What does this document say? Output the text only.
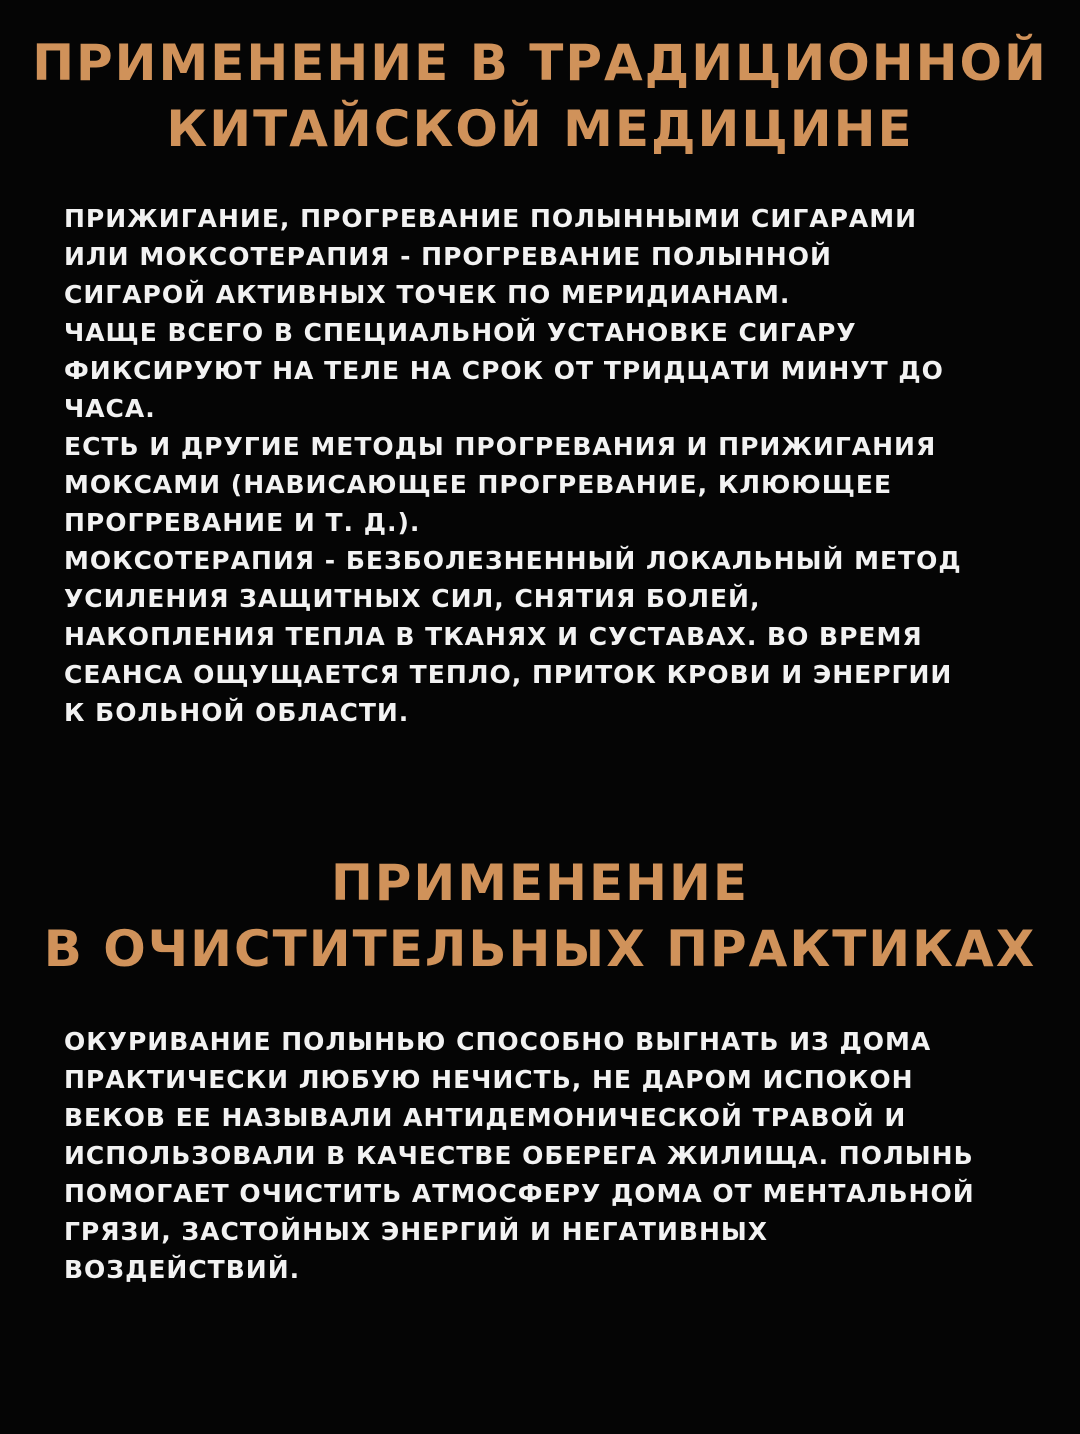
ПРИМЕНЕНИЕ В ТРАДИЦИОННОЙ
КИТАЙСКОЙ МЕДИЦИНЕ
ПРИЖИГАНИЕ, ПРОГРЕВАНИЕ ПОЛЫННЫМИ СИГАРАМИ
ИЛИ МОКСОТЕРАПИЯ - ПРОГРЕВАНИЕ ПОЛЫННОЙ
СИГАРОЙ АКТИВНЫХ ТОЧЕК ПО МЕРИДИАНАМ.
ЧАЩЕ ВСЕГО В СПЕЦИАЛЬНОЙ УСТАНОВКЕ СИГАРУ
ФИКСИРУЮТ НА ТЕЛЕ НА СРОК ОТ ТРИДЦАТИ МИНУТ ДО
ЧАСА.
ЕСТЬ И ДРУГИЕ МЕТОДЫ ПРОГРЕВАНИЯ И ПРИЖИГАНИЯ
МОКСАМИ (НАВИСАЮЩЕЕ ПРОГРЕВАНИЕ, КЛЮЮЩЕЕ
ПРОГРЕВАНИЕ И Т. Д.).
МОКСОТЕРАПИЯ - БЕЗБОЛЕЗНЕННЫЙ ЛОКАЛЬНЫЙ МЕТОД
УСИЛЕНИЯ ЗАЩИТНЫХ СИЛ, СНЯТИЯ БОЛЕЙ,
НАКОПЛЕНИЯ ТЕПЛА В ТКАНЯХ И СУСТАВАХ. ВО ВРЕМЯ
СЕАНСА ОЩУЩАЕТСЯ ТЕПЛО, ПРИТОК КРОВИ И ЭНЕРГИИ
К БОЛЬНОЙ ОБЛАСТИ.
ПРИМЕНЕНИЕ
В ОЧИСТИТЕЛЬНЫХ ПРАКТИКАХ
ОКУРИВАНИЕ ПОЛЫНЬЮ СПОСОБНО ВЫГНАТЬ ИЗ ДОМА
ПРАКТИЧЕСКИ ЛЮБУЮ НЕЧИСТЬ, НЕ ДАРОМ ИСПОКОН
ВЕКОВ ЕЕ НАЗЫВАЛИ АНТИДЕМОНИЧЕСКОЙ ТРАВОЙ И
ИСПОЛЬЗОВАЛИ В КАЧЕСТВЕ ОБЕРЕГА ЖИЛИЩА. ПОЛЫНЬ
ПОМОГАЕТ ОЧИСТИТЬ АТМОСФЕРУ ДОМА ОТ МЕНТАЛЬНОЙ
ГРЯЗИ, ЗАСТОЙНЫХ ЭНЕРГИЙ И НЕГАТИВНЫХ
ВОЗДЕЙСТВИЙ.
